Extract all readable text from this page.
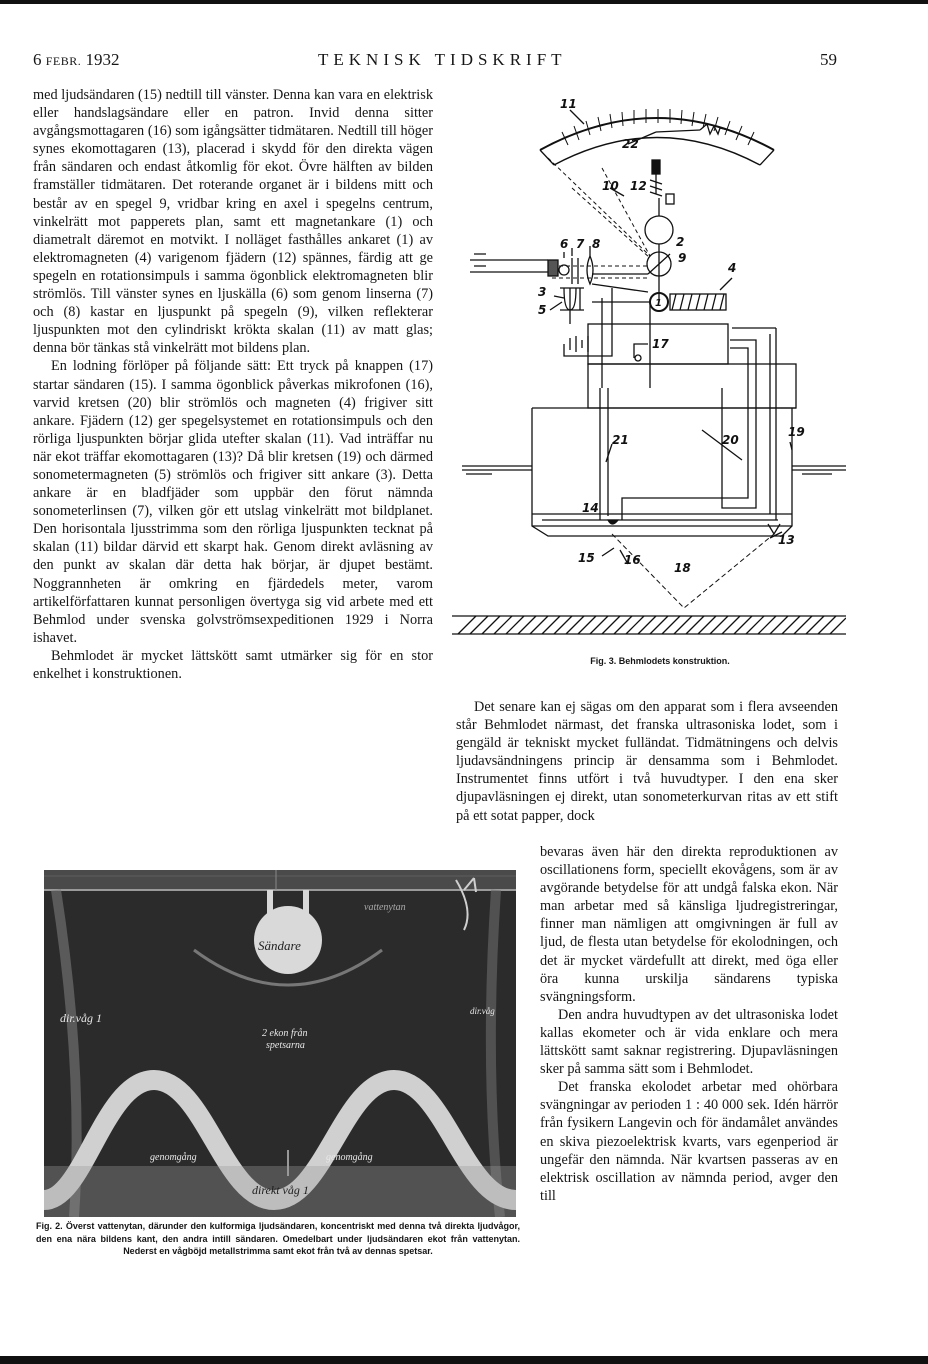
6 FEBR. 1932	TEKNISK TIDSKRIFT	59

med ljudsändaren (15) nedtill till vänster. Denna kan vara en elektrisk eller handslagsändare eller en patron. Invid denna sitter avgångsmottagaren (16) som igångsätter tidmätaren. Nedtill till höger synes ekomottagaren (13), placerad i skydd för den direkta vägen från sändaren och endast åtkomlig för ekot. Övre hälften av bilden framställer tidmätaren. Det roterande organet är i bildens mitt och består av en spegel 9, vridbar kring en axel i spegelns centrum, vinkelrätt mot papperets plan, samt ett magnetankare (1) och diametralt däremot en motvikt. I nolläget fasthålles ankaret (1) av elektromagneten (4) varigenom fjädern (12) spännes, färdig att ge spegeln en rotationsimpuls i samma ögonblick elektromagneten blir strömlös. Till vänster synes en ljuskälla (6) som genom linserna (7) och (8) kastar en ljuspunkt på spegeln (9), vilken reflekterar ljuspunkten mot den cylindriskt krökta skalan (11) av matt glas; denna bör tänkas stå vinkelrätt mot bildens plan.

En lodning förlöper på följande sätt: Ett tryck på knappen (17) startar sändaren (15). I samma ögonblick påverkas mikrofonen (16), varvid kretsen (20) blir strömlös och magneten (4) frigiver sitt ankare. Fjädern (12) ger spegelsystemet en rotationsimpuls och den rörliga ljuspunkten börjar glida utefter skalan (11). Vad inträffar nu när ekot träffar ekomottagaren (13)? Då blir kretsen (19) och därmed sonometermagneten (5) strömlös och frigiver sitt ankare (3). Detta ankare är en bladfjäder som uppbär den förut nämnda sonometerlinsen (7), vilken gör ett utslag vinkelrätt mot bildplanet. Den horisontala ljusstrimma som den rörliga ljuspunkten tecknat på skalan (11) bildar därvid ett skarpt hak. Genom direkt avläsning av den punkt av skalan där detta hak börjar, är djupet bestämt. Noggrannheten är omkring en fjärdedels meter, varom artikelförfattaren kunnat personligen övertyga sig vid arbete med ett Behmlod under svenska golvströmsexpeditionen 1929 i Norra ishavet.

Behmlodet är mycket lättskött samt utmärker sig för en stor enkelhet i konstruktionen.

11
22
10 12
6 7 8	2
9
3
5	1
4
17
21	20
19
14
13
15 16
18
Fig. 3. Behmlodets konstruktion.

Det senare kan ej sägas om den apparat som i flera avseenden står Behmlodet närmast, det franska ultrasoniska lodet, som i gengäld är tekniskt mycket fulländat. Tidmätningens och delvis ljudavsändningens princip är densamma som i Behmlodet. Instrumentet finns utfört i två huvudtyper. I den ena sker djupavläsningen ej direkt, utan sonometerkurvan ritas av ett stift på ett sotat papper, dock

bevaras även här den direkta reproduktionen av oscillationens form, speciellt ekovågens, som är av avgörande betydelse för att undgå falska ekon. När man arbetar med så känsliga ljudregistreringar, finner man nämligen att omgivningen är full av ljud, de flesta utan betydelse för ekolodningen, och det är mycket värdefullt att direkt, med öga eller öra kunna urskilja sändarens typiska svängningsform.

Den andra huvudtypen av det ultrasoniska lodet kallas ekometer och är vida enklare och mera lättskött samt saknar registrering. Djupavläsningen sker på samma sätt som i Behmlodet.

Det franska ekolodet arbetar med ohörbara svängningar av perioden 1 : 40 000 sek. Idén härrör från fysikern Langevin och för ändamålet användes en skiva piezoelektrisk kvarts, vars egenperiod är ungefär den nämnda. När kvartsen passeras av en elektrisk oscillation av nämnda period, avger den till

vattenytan
Sändare
dir.våg 1	dir.våg
2 ekon från
spetsarna
genomgång	genomgång
direkt våg 1
Fig. 2. Överst vattenytan, därunder den kulformiga ljudsändaren, koncentriskt med denna två direkta ljudvågor, den ena nära bildens kant, den andra intill sändaren. Omedelbart under ljudsändaren ekot från vattenytan. Nederst en vågböjd metallstrimma samt ekot från två av dennas spetsar.
